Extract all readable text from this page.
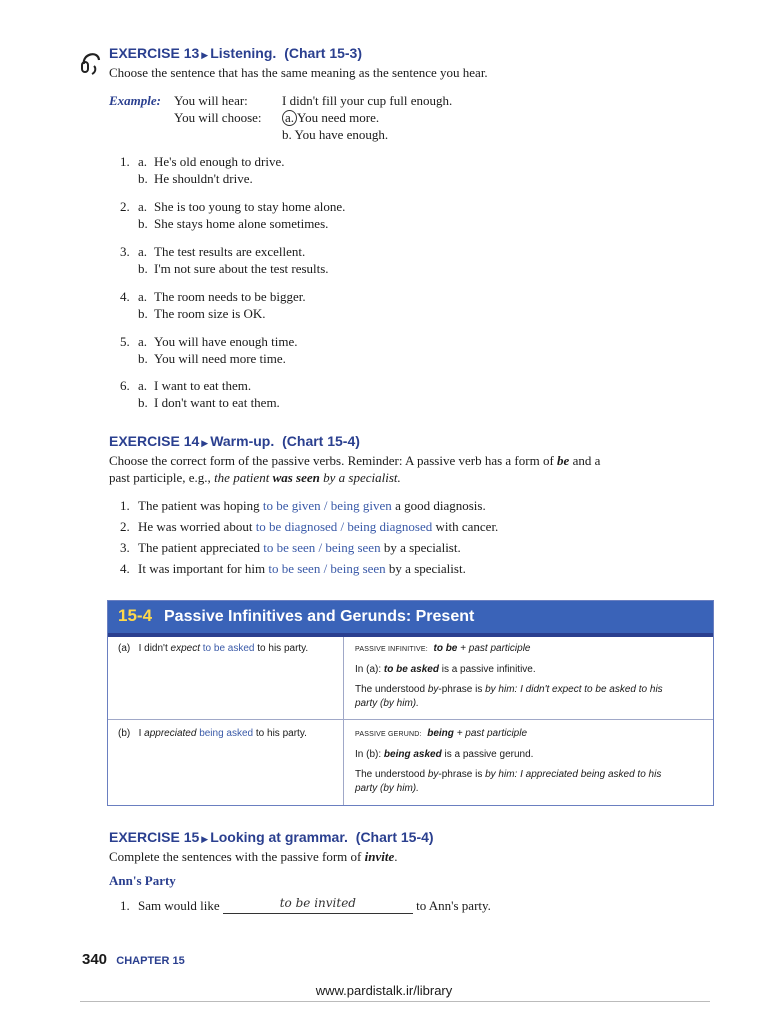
EXERCISE 13 ▶ Listening. (Chart 15-3)
Choose the sentence that has the same meaning as the sentence you hear.
Example: You will hear:	I didn't fill your cup full enough.
You will choose: a. You need more.
b. You have enough.
1. a. He's old enough to drive.
b. He shouldn't drive.
2. a. She is too young to stay home alone.
b. She stays home alone sometimes.
3. a. The test results are excellent.
b. I'm not sure about the test results.
4. a. The room needs to be bigger.
b. The room size is OK.
5. a. You will have enough time.
b. You will need more time.
6. a. I want to eat them.
b. I don't want to eat them.
EXERCISE 14 ▶ Warm-up. (Chart 15-4)
Choose the correct form of the passive verbs. Reminder: A passive verb has a form of be and a
past participle, e.g., the patient was seen by a specialist.
1. The patient was hoping to be given / being given a good diagnosis.
2. He was worried about to be diagnosed / being diagnosed with cancer.
3. The patient appreciated to be seen / being seen by a specialist.
4. It was important for him to be seen / being seen by a specialist.
15-4 Passive Infinitives and Gerunds: Present
(a) I didn't expect to be asked to his party.	PASSIVE INFINITIVE: to be + past participle
In (a): to be asked is a passive infinitive.
The understood by-phrase is by him: I didn't expect to be asked to his
party (by him).
(b) I appreciated being asked to his party.	PASSIVE GERUND: being + past participle
In (b): being asked is a passive gerund.
The understood by-phrase is by him: I appreciated being asked to his
party (by him).
EXERCISE 15 ▶ Looking at grammar. (Chart 15-4)
Complete the sentences with the passive form of invite.
Ann's Party
1. Sam would like	to be invited	to Ann's party.
340 CHAPTER 15
www.pardistalk.ir/library
